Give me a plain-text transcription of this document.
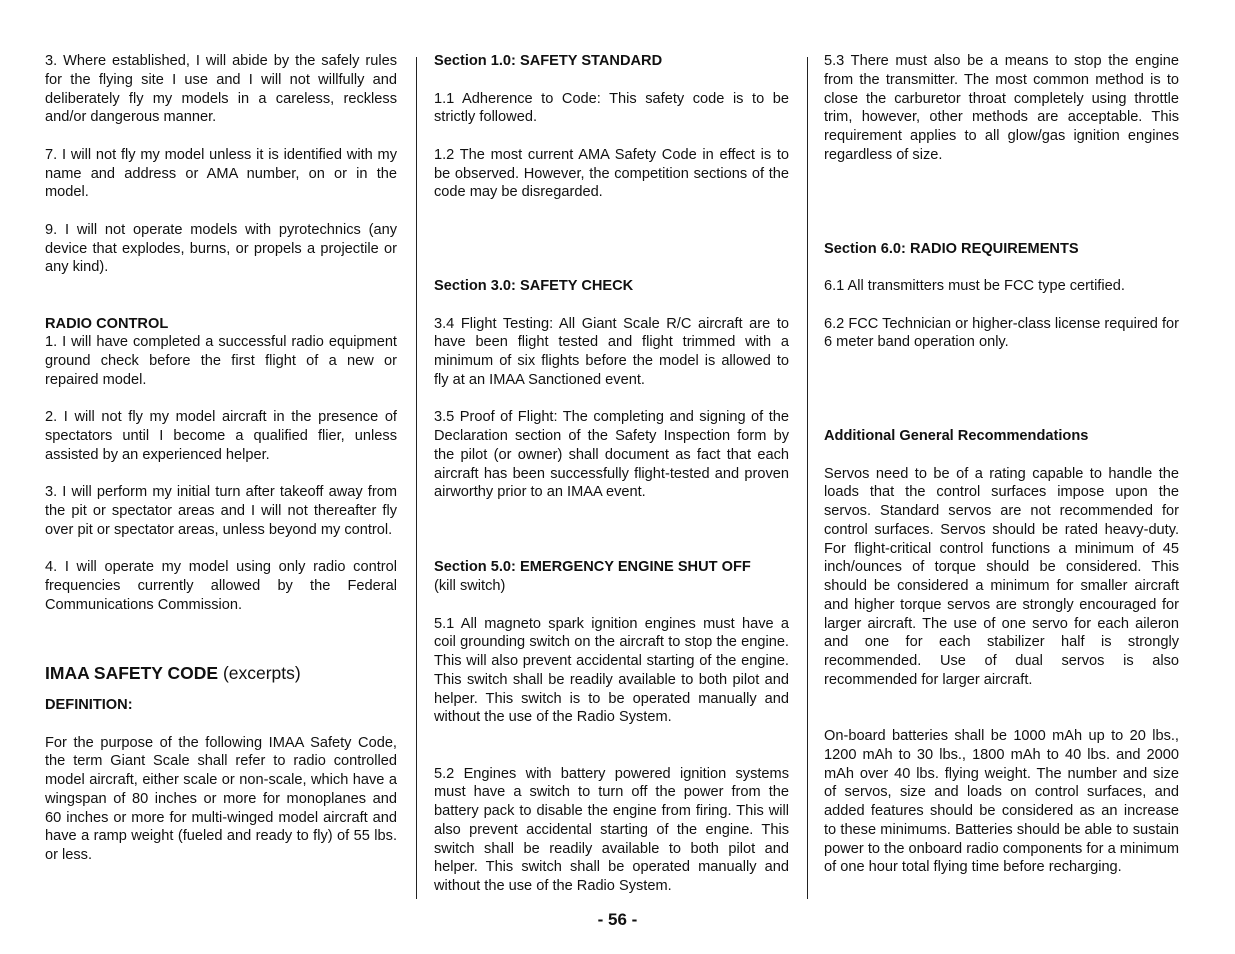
3. Where established, I will abide by the safely rules for the flying site I use and I will not willfully and deliberately fly my models in a careless, reckless and/or dangerous manner.

7. I will not fly my model unless it is identified with my name and address or AMA number, on or in the model.

9. I will not operate models with pyrotechnics (any device that explodes, burns, or propels a projectile or any kind).

RADIO CONTROL

1. I will have completed a successful radio equipment ground check before the first flight of a new or repaired model.

2. I will not fly my model aircraft in the presence of spectators until I become a qualified flier, unless assisted by an experienced helper.

3. I will perform my initial turn after takeoff away from the pit or spectator areas and I will not thereafter fly over pit or spectator areas, unless beyond my control.

4. I will operate my model using only radio control frequencies currently allowed by the Federal Communications Commission.

IMAA SAFETY CODE (excerpts)

DEFINITION:

For the purpose of the following IMAA Safety Code, the term Giant Scale shall refer to radio controlled model aircraft, either scale or non-scale, which have a wingspan of 80 inches or more for monoplanes and 60 inches or more for multi-winged model aircraft and have a ramp weight (fueled and ready to fly) of 55 lbs. or less.

Section 1.0: SAFETY STANDARD

1.1 Adherence to Code: This safety code is to be strictly followed.

1.2 The most current AMA Safety Code in effect is to be observed. However, the competition sections of the code may be disregarded.

Section 3.0: SAFETY CHECK

3.4 Flight Testing: All Giant Scale R/C aircraft are to have been flight tested and flight trimmed with a minimum of six flights before the model is allowed to fly at an IMAA Sanctioned event.

3.5 Proof of Flight: The completing and signing of the Declaration section of the Safety Inspection form by the pilot (or owner) shall document as fact that each aircraft has been successfully flight-tested and proven airworthy prior to an IMAA event.

Section 5.0: EMERGENCY ENGINE SHUT OFF

(kill switch)

5.1 All magneto spark ignition engines must have a coil grounding switch on the aircraft to stop the engine. This will also prevent accidental starting of the engine. This switch shall be readily available to both pilot and helper. This switch is to be operated manually and without the use of the Radio System.

5.2 Engines with battery powered ignition systems must have a switch to turn off the power from the battery pack to disable the engine from firing. This will also prevent accidental starting of the engine. This switch shall be readily available to both pilot and helper. This switch shall be operated manually and without the use of the Radio System.

5.3 There must also be a means to stop the engine from the transmitter. The most common method is to close the carburetor throat completely using throttle trim, however, other methods are acceptable. This requirement applies to all glow/gas ignition engines regardless of size.

Section 6.0: RADIO REQUIREMENTS

6.1 All transmitters must be FCC type certified.

6.2 FCC Technician or higher-class license required for 6 meter band operation only.

Additional General Recommendations

Servos need to be of a rating capable to handle the loads that the control surfaces impose upon the servos. Standard servos are not recommended for control surfaces. Servos should be rated heavy-duty. For flight-critical control functions a minimum of 45 inch/ounces of torque should be considered. This should be considered a minimum for smaller aircraft and higher torque servos are strongly encouraged for larger aircraft. The use of one servo for each aileron and one for each stabilizer half is strongly recommended. Use of dual servos is also recommended for larger aircraft.

On-board batteries shall be 1000 mAh up to 20 lbs., 1200 mAh to 30 lbs., 1800 mAh to 40 lbs. and 2000 mAh over 40 lbs. flying weight. The number and size of servos, size and loads on control surfaces, and added features should be considered as an increase to these minimums. Batteries should be able to sustain power to the onboard radio components for a minimum of one hour total flying time before recharging.

- 56 -
